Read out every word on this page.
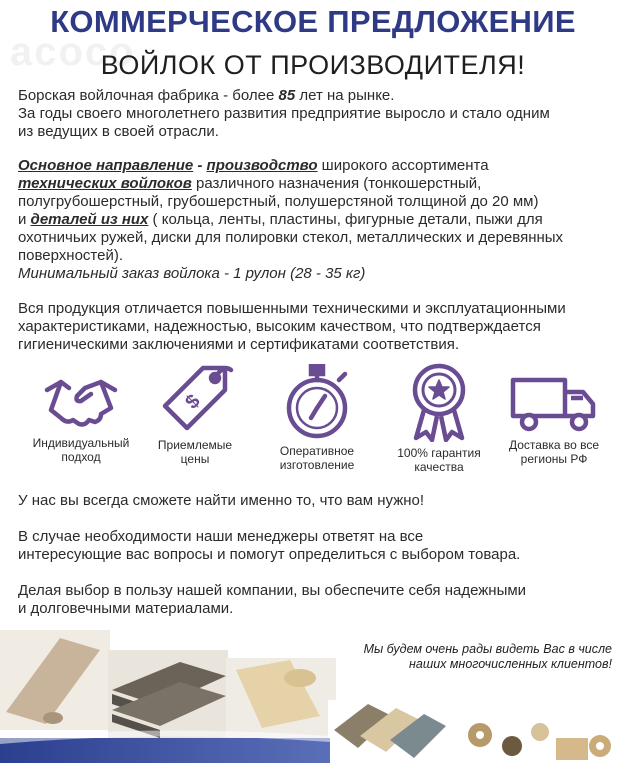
acoco
КОММЕРЧЕСКОЕ ПРЕДЛОЖЕНИЕ
ВОЙЛОК ОТ ПРОИЗВОДИТЕЛЯ!
Борская войлочная фабрика - более 85 лет на рынке.
За годы своего многолетнего развития предприятие выросло и стало одним
из ведущих в своей отрасли.
Основное направление - производство широкого ассортимента
технических войлоков различного назначения (тонкошерстный,
полугрубошерстный, грубошерстный, полушерстяной толщиной до 20 мм)
и деталей из них ( кольца, ленты, пластины, фигурные детали, пыжи для
охотничьих ружей, диски для полировки стекол, металлических и деревянных
поверхностей).
Минимальный заказ войлока - 1 рулон (28 - 35 кг)
Вся продукция отличается повышенными техническими и эксплуатационными
характеристиками, надежностью, высоким качеством, что подтверждается
гигиеническими заключениями и сертификатами соответствия.
Индивидуальный
подход
$
Приемлемые
цены
Оперативное
изготовление
100% гарантия
качества
Доставка во все
регионы РФ
У нас вы всегда сможете найти именно то, что вам нужно!
В случае необходимости наши менеджеры ответят на все
интересующие вас вопросы и помогут определиться с выбором товара.
Делая выбор в пользу нашей компании, вы обеспечите себя надежными
и долговечными материалами.
Мы будем очень рады видеть Вас в числе
наших многочисленных клиентов!
